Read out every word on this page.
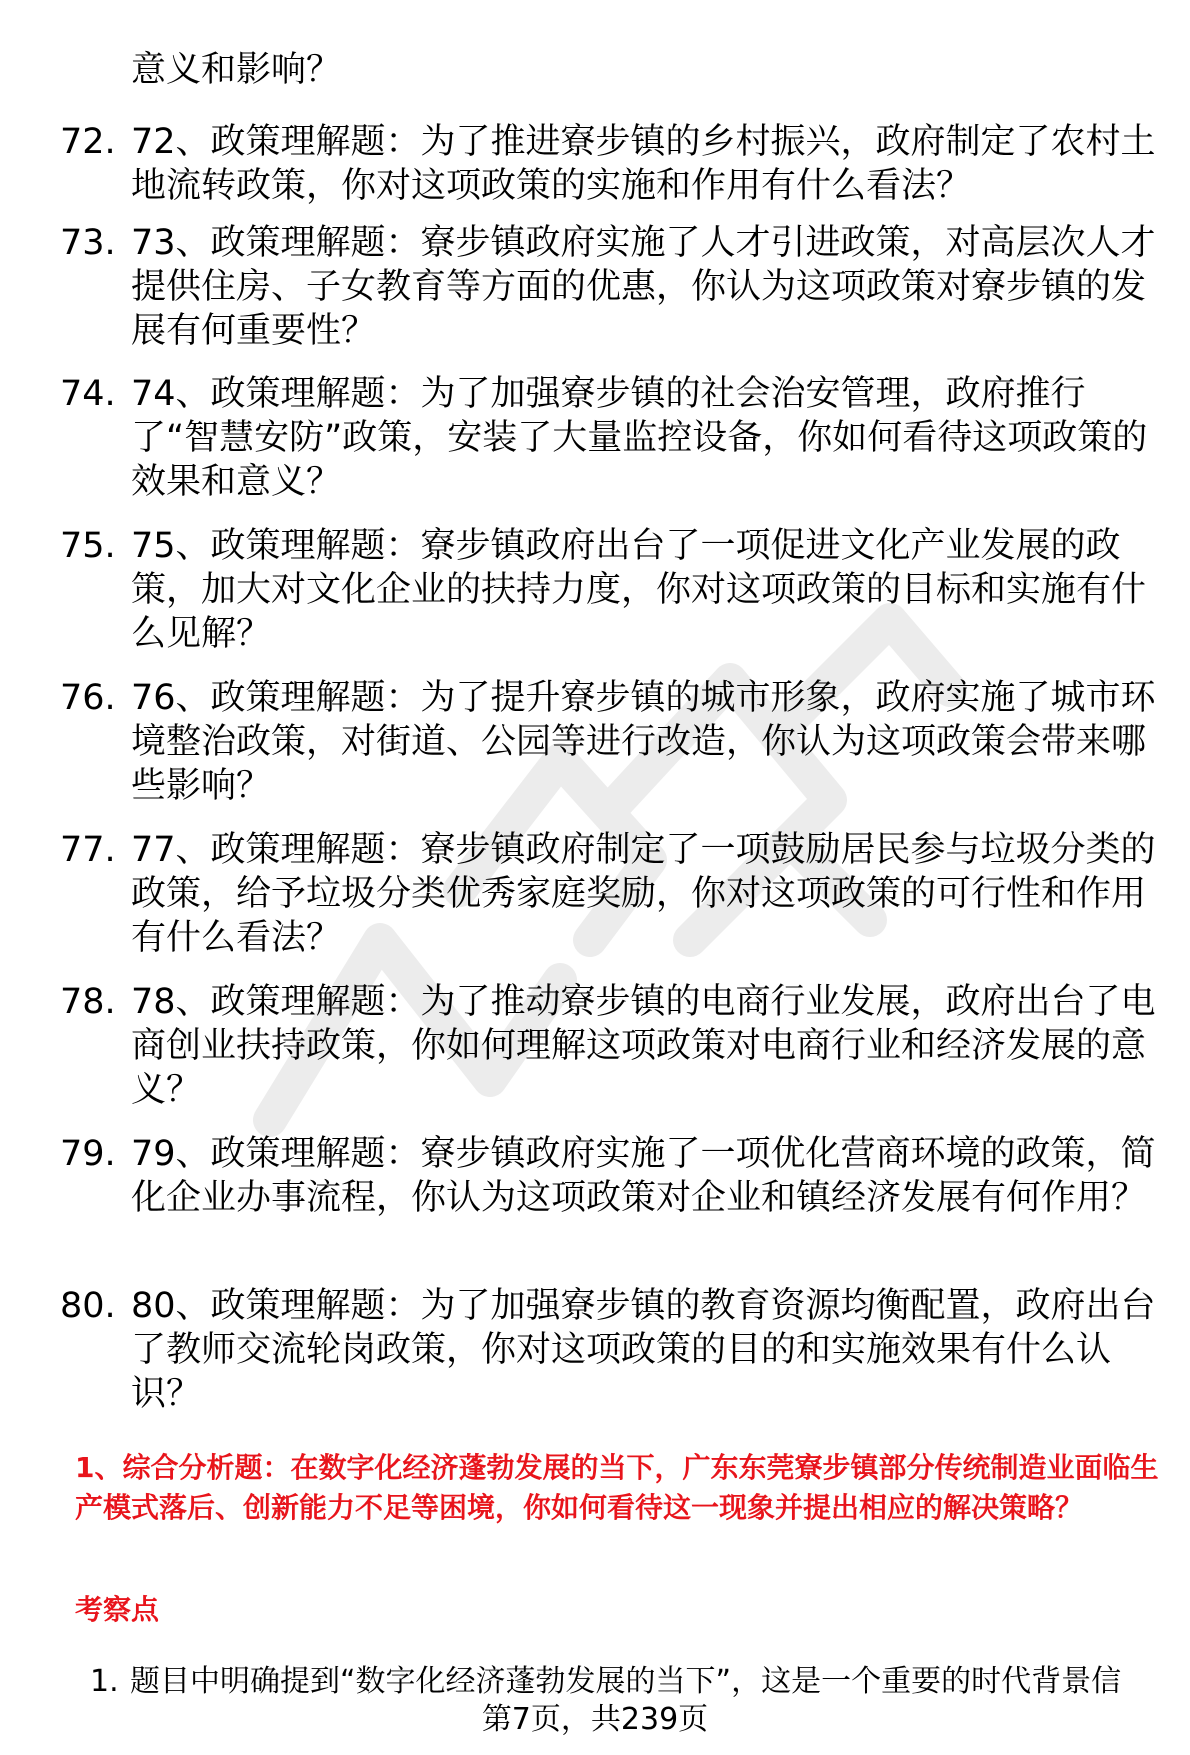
意义和影响？
72. 72、政策理解题：为了推进寮步镇的乡村振兴，政府制定了农村土地流转政策，你对这项政策的实施和作用有什么看法？
73. 73、政策理解题：寮步镇政府实施了人才引进政策，对高层次人才提供住房、子女教育等方面的优惠，你认为这项政策对寮步镇的发展有何重要性？
74. 74、政策理解题：为了加强寮步镇的社会治安管理，政府推行了“智慧安防”政策，安装了大量监控设备，你如何看待这项政策的效果和意义？
75. 75、政策理解题：寮步镇政府出台了一项促进文化产业发展的政策，加大对文化企业的扶持力度，你对这项政策的目标和实施有什么见解？
76. 76、政策理解题：为了提升寮步镇的城市形象，政府实施了城市环境整治政策，对街道、公园等进行改造，你认为这项政策会带来哪些影响？
77. 77、政策理解题：寮步镇政府制定了一项鼓励居民参与垃圾分类的政策，给予垃圾分类优秀家庭奖励，你对这项政策的可行性和作用有什么看法？
78. 78、政策理解题：为了推动寮步镇的电商行业发展，政府出台了电商创业扶持政策，你如何理解这项政策对电商行业和经济发展的意义？
79. 79、政策理解题：寮步镇政府实施了一项优化营商环境的政策，简化企业办事流程，你认为这项政策对企业和镇经济发展有何作用？
80. 80、政策理解题：为了加强寮步镇的教育资源均衡配置，政府出台了教师交流轮岗政策，你对这项政策的目的和实施效果有什么认识？
1、综合分析题：在数字化经济蓬勃发展的当下，广东东莞寮步镇部分传统制造业面临生产模式落后、创新能力不足等困境，你如何看待这一现象并提出相应的解决策略？
考察点
1. 题目中明确提到“数字化经济蓬勃发展的当下”，这是一个重要的时代背景信
第7页，共239页
